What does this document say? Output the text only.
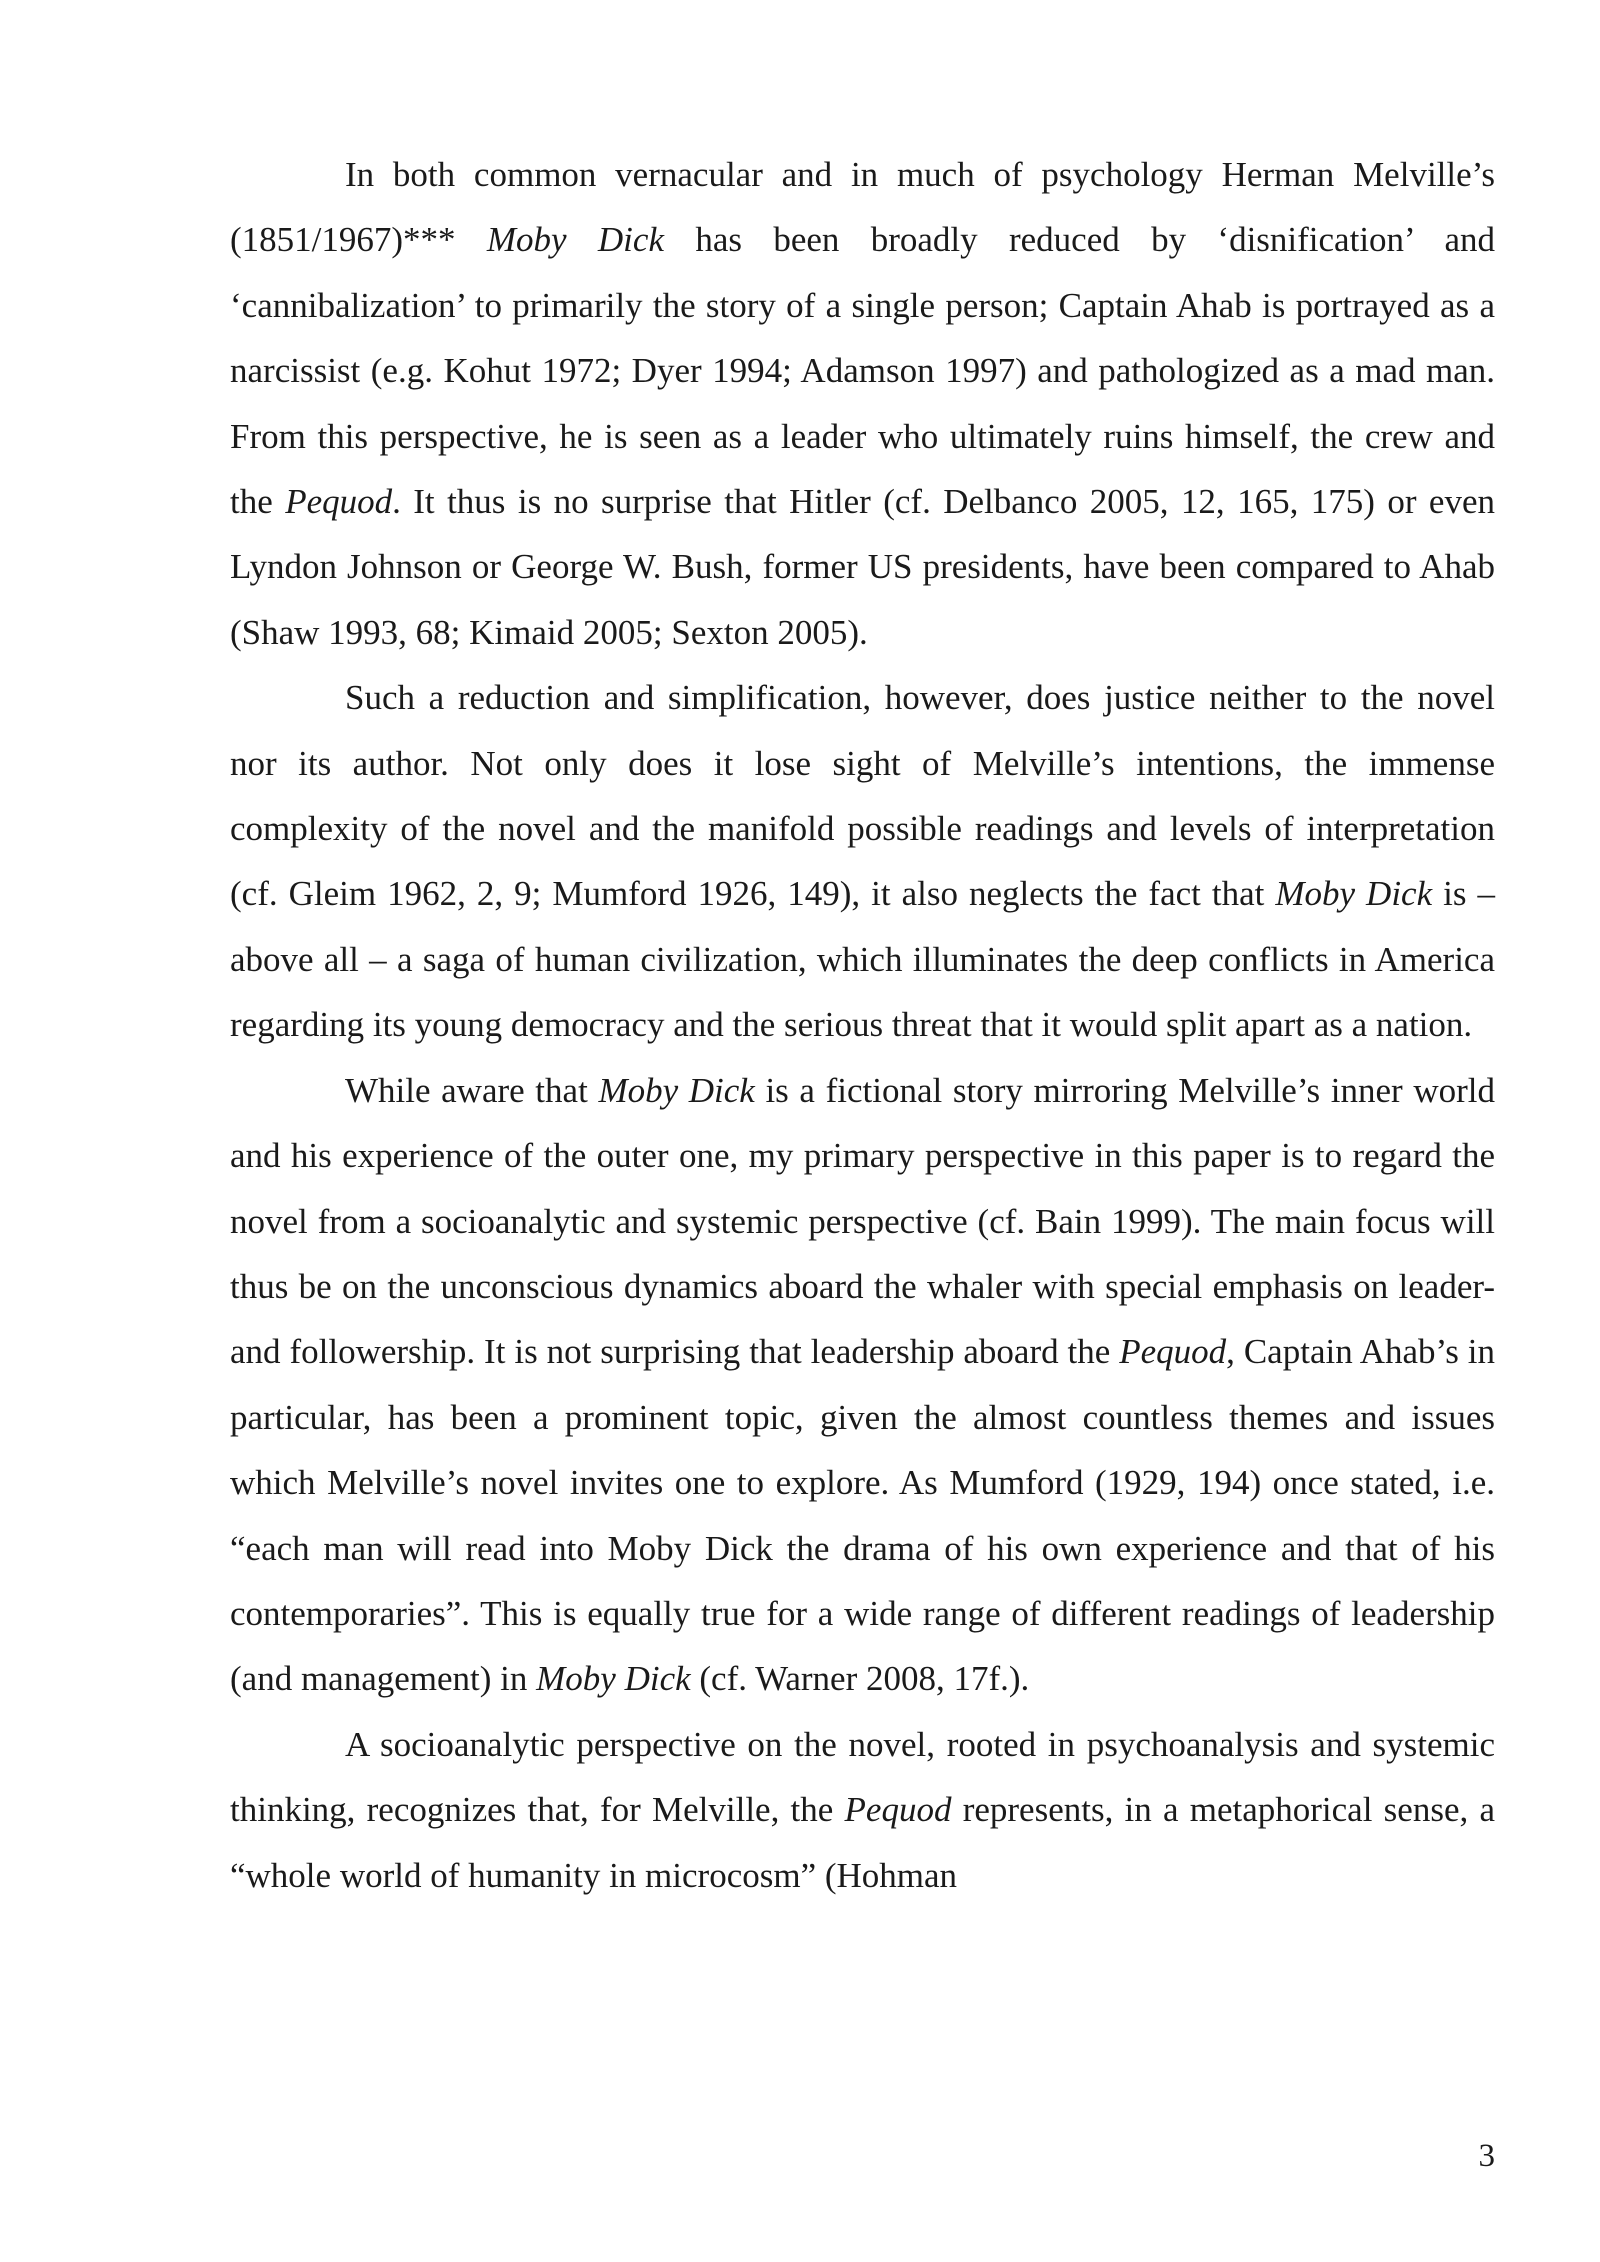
In both common vernacular and in much of psychology Herman Melville’s (1851/1967)*** Moby Dick has been broadly reduced by ‘disnification’ and ‘cannibalization’ to primarily the story of a single person; Captain Ahab is portrayed as a narcissist (e.g. Kohut 1972; Dyer 1994; Adamson 1997) and pathologized as a mad man. From this perspective, he is seen as a leader who ultimately ruins himself, the crew and the Pequod. It thus is no surprise that Hitler (cf. Delbanco 2005, 12, 165, 175) or even Lyndon Johnson or George W. Bush, former US presidents, have been compared to Ahab (Shaw 1993, 68; Kimaid 2005; Sexton 2005).

Such a reduction and simplification, however, does justice neither to the novel nor its author. Not only does it lose sight of Melville’s intentions, the immense complexity of the novel and the manifold possible readings and levels of interpretation (cf. Gleim 1962, 2, 9; Mumford 1926, 149), it also neglects the fact that Moby Dick is – above all – a saga of human civilization, which illuminates the deep conflicts in America regarding its young democracy and the serious threat that it would split apart as a nation.

While aware that Moby Dick is a fictional story mirroring Melville’s inner world and his experience of the outer one, my primary perspective in this paper is to regard the novel from a socioanalytic and systemic perspective (cf. Bain 1999). The main focus will thus be on the unconscious dynamics aboard the whaler with special emphasis on leader- and followership. It is not surprising that leadership aboard the Pequod, Captain Ahab’s in particular, has been a prominent topic, given the almost countless themes and issues which Melville’s novel invites one to explore. As Mumford (1929, 194) once stated, i.e. “each man will read into Moby Dick the drama of his own experience and that of his contemporaries”. This is equally true for a wide range of different readings of leadership (and management) in Moby Dick (cf. Warner 2008, 17f.).

A socioanalytic perspective on the novel, rooted in psychoanalysis and systemic thinking, recognizes that, for Melville, the Pequod represents, in a metaphorical sense, a “whole world of humanity in microcosm” (Hohman

3
